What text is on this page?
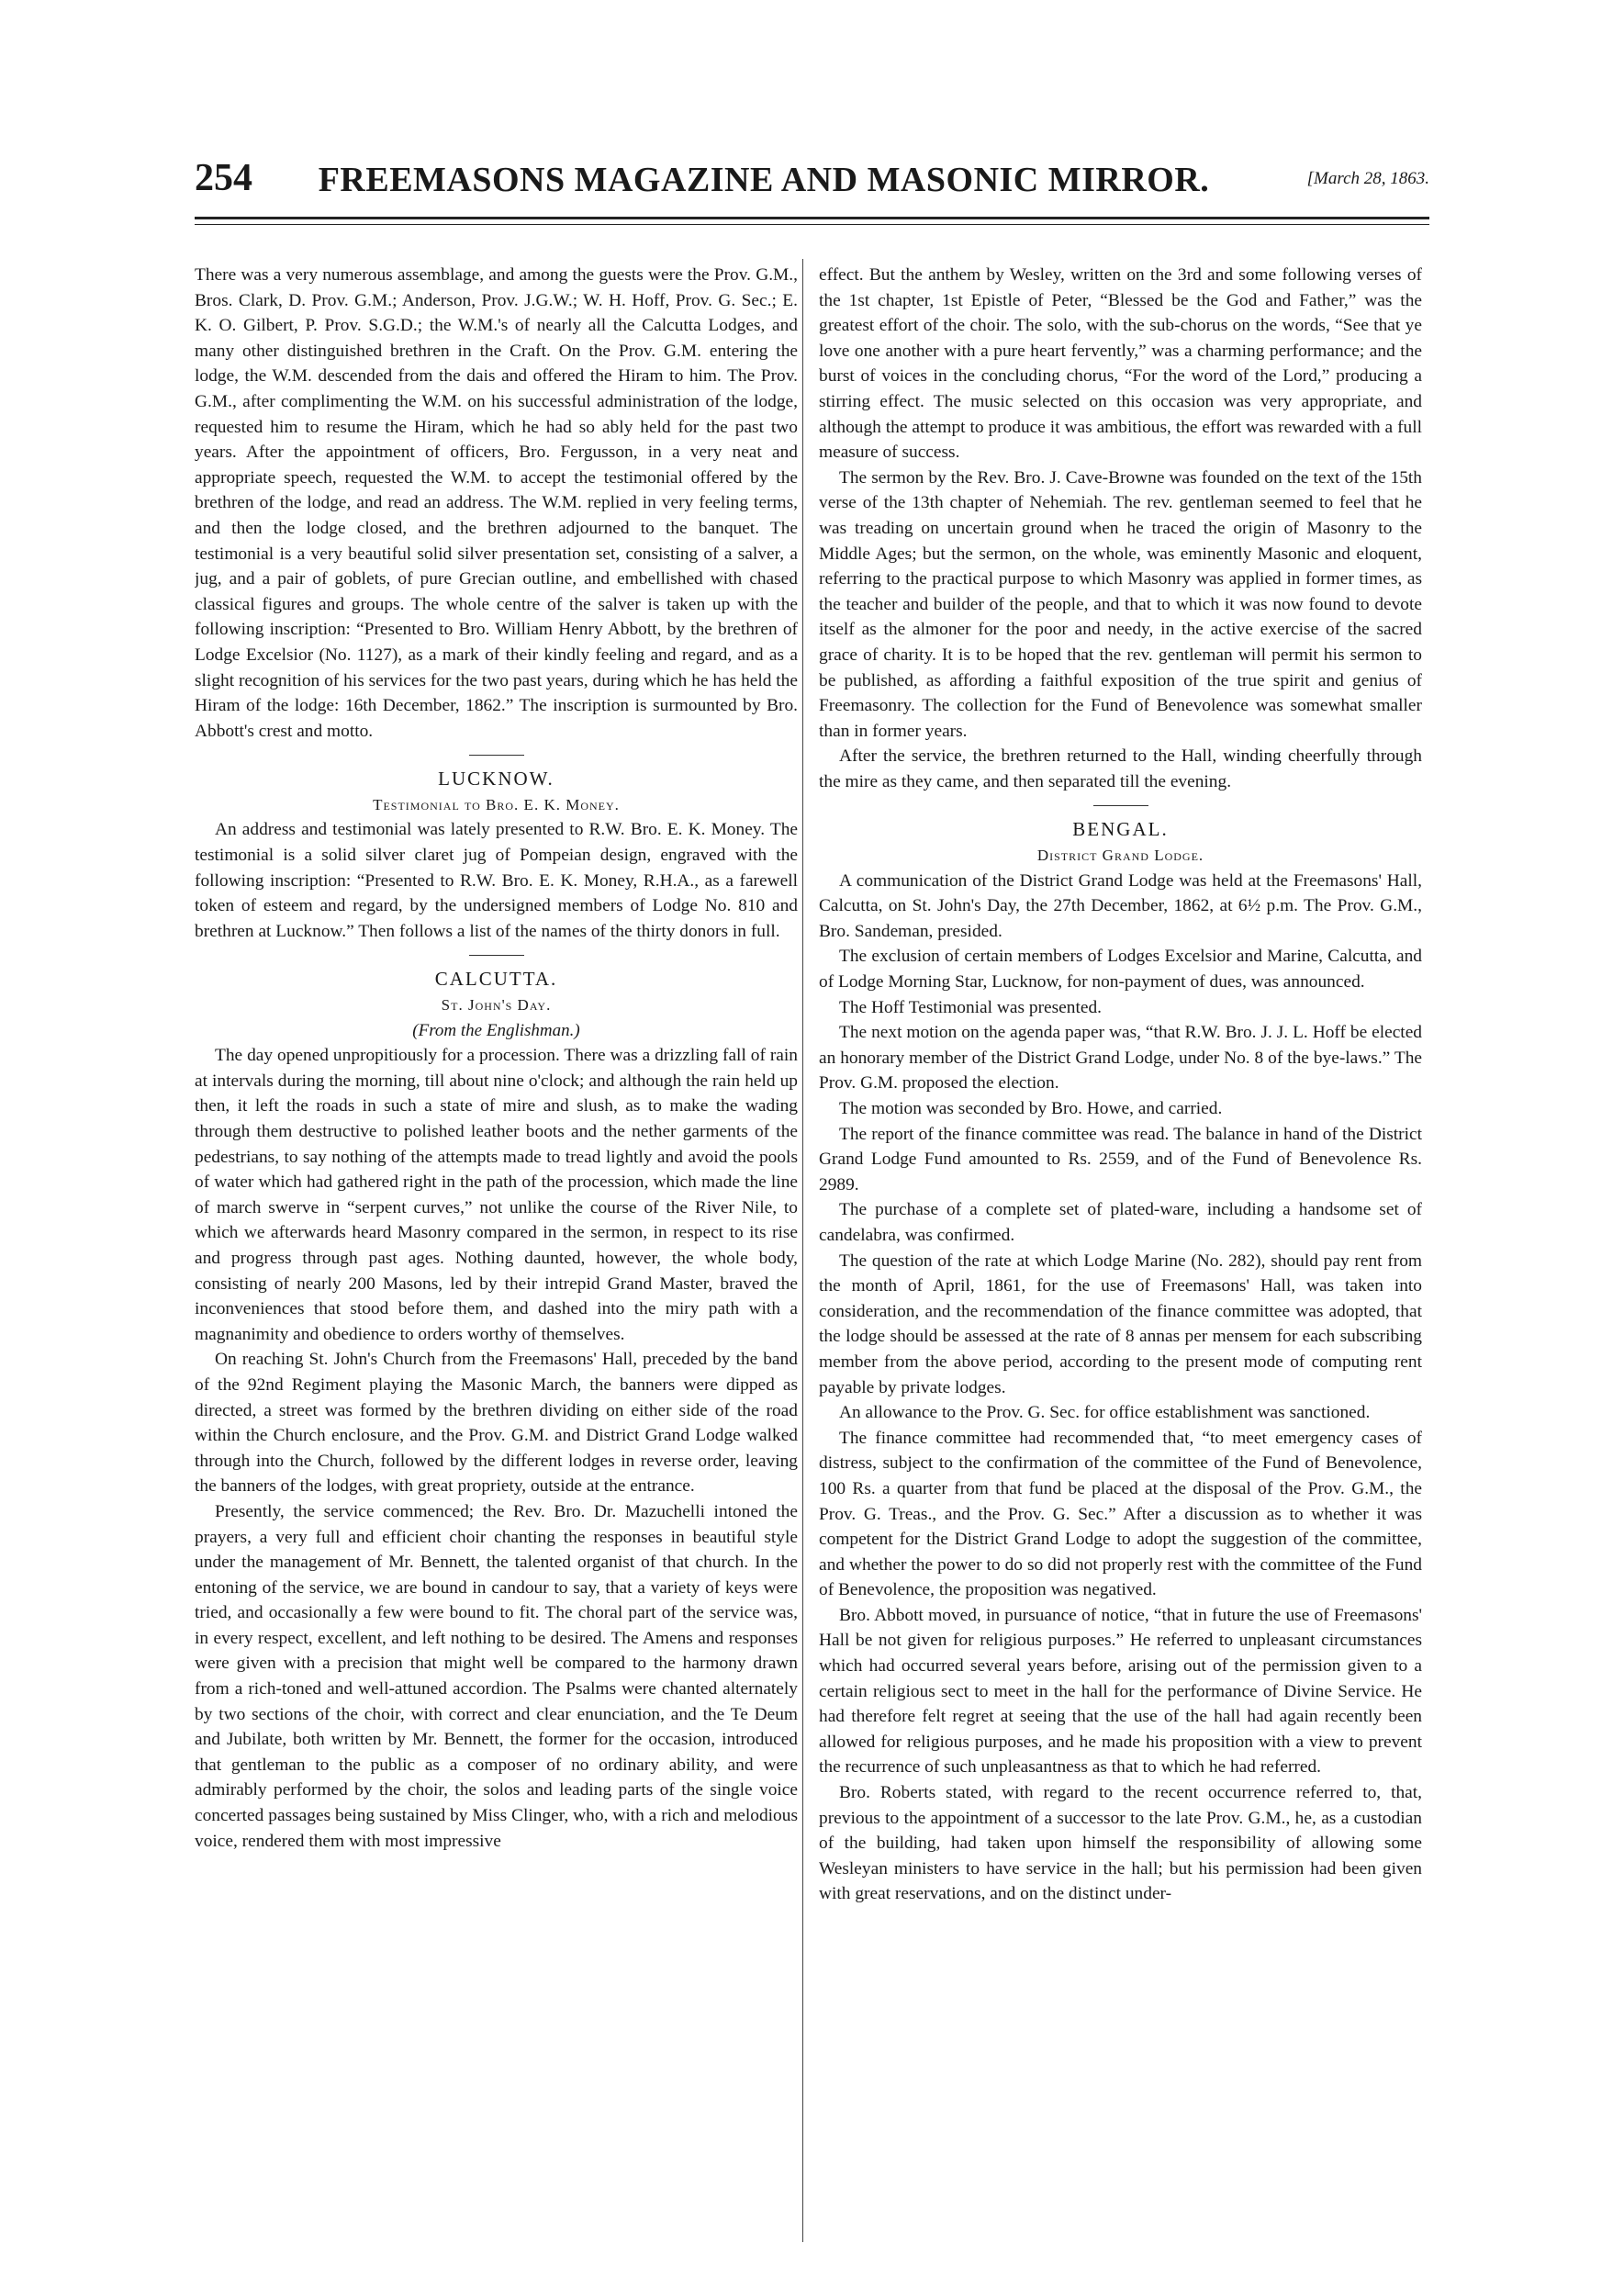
254	FREEMASONS MAGAZINE AND MASONIC MIRROR.	[March 28, 1863.

There was a very numerous assemblage, and among the guests were the Prov. G.M., Bros. Clark, D. Prov. G.M.; Anderson, Prov. J.G.W.; W. H. Hoff, Prov. G. Sec.; E. K. O. Gilbert, P. Prov. S.G.D.; the W.M.'s of nearly all the Calcutta Lodges, and many other distinguished brethren in the Craft. On the Prov. G.M. entering the lodge, the W.M. descended from the dais and offered the Hiram to him. The Prov. G.M., after complimenting the W.M. on his successful administration of the lodge, requested him to resume the Hiram, which he had so ably held for the past two years. After the appointment of officers, Bro. Fergusson, in a very neat and appropriate speech, requested the W.M. to accept the testimonial offered by the brethren of the lodge, and read an address. The W.M. replied in very feeling terms, and then the lodge closed, and the brethren adjourned to the banquet. The testimonial is a very beautiful solid silver presentation set, consisting of a salver, a jug, and a pair of goblets, of pure Grecian outline, and embellished with chased classical figures and groups. The whole centre of the salver is taken up with the following inscription: “Presented to Bro. William Henry Abbott, by the brethren of Lodge Excelsior (No. 1127), as a mark of their kindly feeling and regard, and as a slight recognition of his services for the two past years, during which he has held the Hiram of the lodge: 16th December, 1862.” The inscription is surmounted by Bro. Abbott's crest and motto.

LUCKNOW.
Testimonial to Bro. E. K. Money.

An address and testimonial was lately presented to R.W. Bro. E. K. Money. The testimonial is a solid silver claret jug of Pompeian design, engraved with the following inscription: “Presented to R.W. Bro. E. K. Money, R.H.A., as a farewell token of esteem and regard, by the undersigned members of Lodge No. 810 and brethren at Lucknow.” Then follows a list of the names of the thirty donors in full.

CALCUTTA.
St. John's Day.
(From the Englishman.)

The day opened unpropitiously for a procession. There was a drizzling fall of rain at intervals during the morning, till about nine o'clock; and although the rain held up then, it left the roads in such a state of mire and slush, as to make the wading through them destructive to polished leather boots and the nether garments of the pedestrians, to say nothing of the attempts made to tread lightly and avoid the pools of water which had gathered right in the path of the procession, which made the line of march swerve in “serpent curves,” not unlike the course of the River Nile, to which we afterwards heard Masonry compared in the sermon, in respect to its rise and progress through past ages. Nothing daunted, however, the whole body, consisting of nearly 200 Masons, led by their intrepid Grand Master, braved the inconveniences that stood before them, and dashed into the miry path with a magnanimity and obedience to orders worthy of themselves.

On reaching St. John's Church from the Freemasons' Hall, preceded by the band of the 92nd Regiment playing the Masonic March, the banners were dipped as directed, a street was formed by the brethren dividing on either side of the road within the Church enclosure, and the Prov. G.M. and District Grand Lodge walked through into the Church, followed by the different lodges in reverse order, leaving the banners of the lodges, with great propriety, outside at the entrance.

Presently, the service commenced; the Rev. Bro. Dr. Mazuchelli intoned the prayers, a very full and efficient choir chanting the responses in beautiful style under the management of Mr. Bennett, the talented organist of that church. In the entoning of the service, we are bound in candour to say, that a variety of keys were tried, and occasionally a few were bound to fit. The choral part of the service was, in every respect, excellent, and left nothing to be desired. The Amens and responses were given with a precision that might well be compared to the harmony drawn from a rich-toned and well-attuned accordion. The Psalms were chanted alternately by two sections of the choir, with correct and clear enunciation, and the Te Deum and Jubilate, both written by Mr. Bennett, the former for the occasion, introduced that gentleman to the public as a composer of no ordinary ability, and were admirably performed by the choir, the solos and leading parts of the single voice concerted passages being sustained by Miss Clinger, who, with a rich and melodious voice, rendered them with most impressive

effect. But the anthem by Wesley, written on the 3rd and some following verses of the 1st chapter, 1st Epistle of Peter, “Blessed be the God and Father,” was the greatest effort of the choir. The solo, with the sub-chorus on the words, “See that ye love one another with a pure heart fervently,” was a charming performance; and the burst of voices in the concluding chorus, “For the word of the Lord,” producing a stirring effect. The music selected on this occasion was very appropriate, and although the attempt to produce it was ambitious, the effort was rewarded with a full measure of success.

The sermon by the Rev. Bro. J. Cave-Browne was founded on the text of the 15th verse of the 13th chapter of Nehemiah. The rev. gentleman seemed to feel that he was treading on uncertain ground when he traced the origin of Masonry to the Middle Ages; but the sermon, on the whole, was eminently Masonic and eloquent, referring to the practical purpose to which Masonry was applied in former times, as the teacher and builder of the people, and that to which it was now found to devote itself as the almoner for the poor and needy, in the active exercise of the sacred grace of charity. It is to be hoped that the rev. gentleman will permit his sermon to be published, as affording a faithful exposition of the true spirit and genius of Freemasonry. The collection for the Fund of Benevolence was somewhat smaller than in former years.

After the service, the brethren returned to the Hall, winding cheerfully through the mire as they came, and then separated till the evening.

BENGAL.
District Grand Lodge.

A communication of the District Grand Lodge was held at the Freemasons' Hall, Calcutta, on St. John's Day, the 27th December, 1862, at 6½ p.m. The Prov. G.M., Bro. Sandeman, presided.

The exclusion of certain members of Lodges Excelsior and Marine, Calcutta, and of Lodge Morning Star, Lucknow, for non-payment of dues, was announced.

The Hoff Testimonial was presented.

The next motion on the agenda paper was, “that R.W. Bro. J. J. L. Hoff be elected an honorary member of the District Grand Lodge, under No. 8 of the bye-laws.” The Prov. G.M. proposed the election.

The motion was seconded by Bro. Howe, and carried.

The report of the finance committee was read. The balance in hand of the District Grand Lodge Fund amounted to Rs. 2559, and of the Fund of Benevolence Rs. 2989.

The purchase of a complete set of plated-ware, including a handsome set of candelabra, was confirmed.

The question of the rate at which Lodge Marine (No. 282), should pay rent from the month of April, 1861, for the use of Freemasons' Hall, was taken into consideration, and the recommendation of the finance committee was adopted, that the lodge should be assessed at the rate of 8 annas per mensem for each subscribing member from the above period, according to the present mode of computing rent payable by private lodges.

An allowance to the Prov. G. Sec. for office establishment was sanctioned.

The finance committee had recommended that, “to meet emergency cases of distress, subject to the confirmation of the committee of the Fund of Benevolence, 100 Rs. a quarter from that fund be placed at the disposal of the Prov. G.M., the Prov. G. Treas., and the Prov. G. Sec.” After a discussion as to whether it was competent for the District Grand Lodge to adopt the suggestion of the committee, and whether the power to do so did not properly rest with the committee of the Fund of Benevolence, the proposition was negatived.

Bro. Abbott moved, in pursuance of notice, “that in future the use of Freemasons' Hall be not given for religious purposes.” He referred to unpleasant circumstances which had occurred several years before, arising out of the permission given to a certain religious sect to meet in the hall for the performance of Divine Service. He had therefore felt regret at seeing that the use of the hall had again recently been allowed for religious purposes, and he made his proposition with a view to prevent the recurrence of such unpleasantness as that to which he had referred.

Bro. Roberts stated, with regard to the recent occurrence referred to, that, previous to the appointment of a successor to the late Prov. G.M., he, as a custodian of the building, had taken upon himself the responsibility of allowing some Wesleyan ministers to have service in the hall; but his permission had been given with great reservations, and on the distinct under-
